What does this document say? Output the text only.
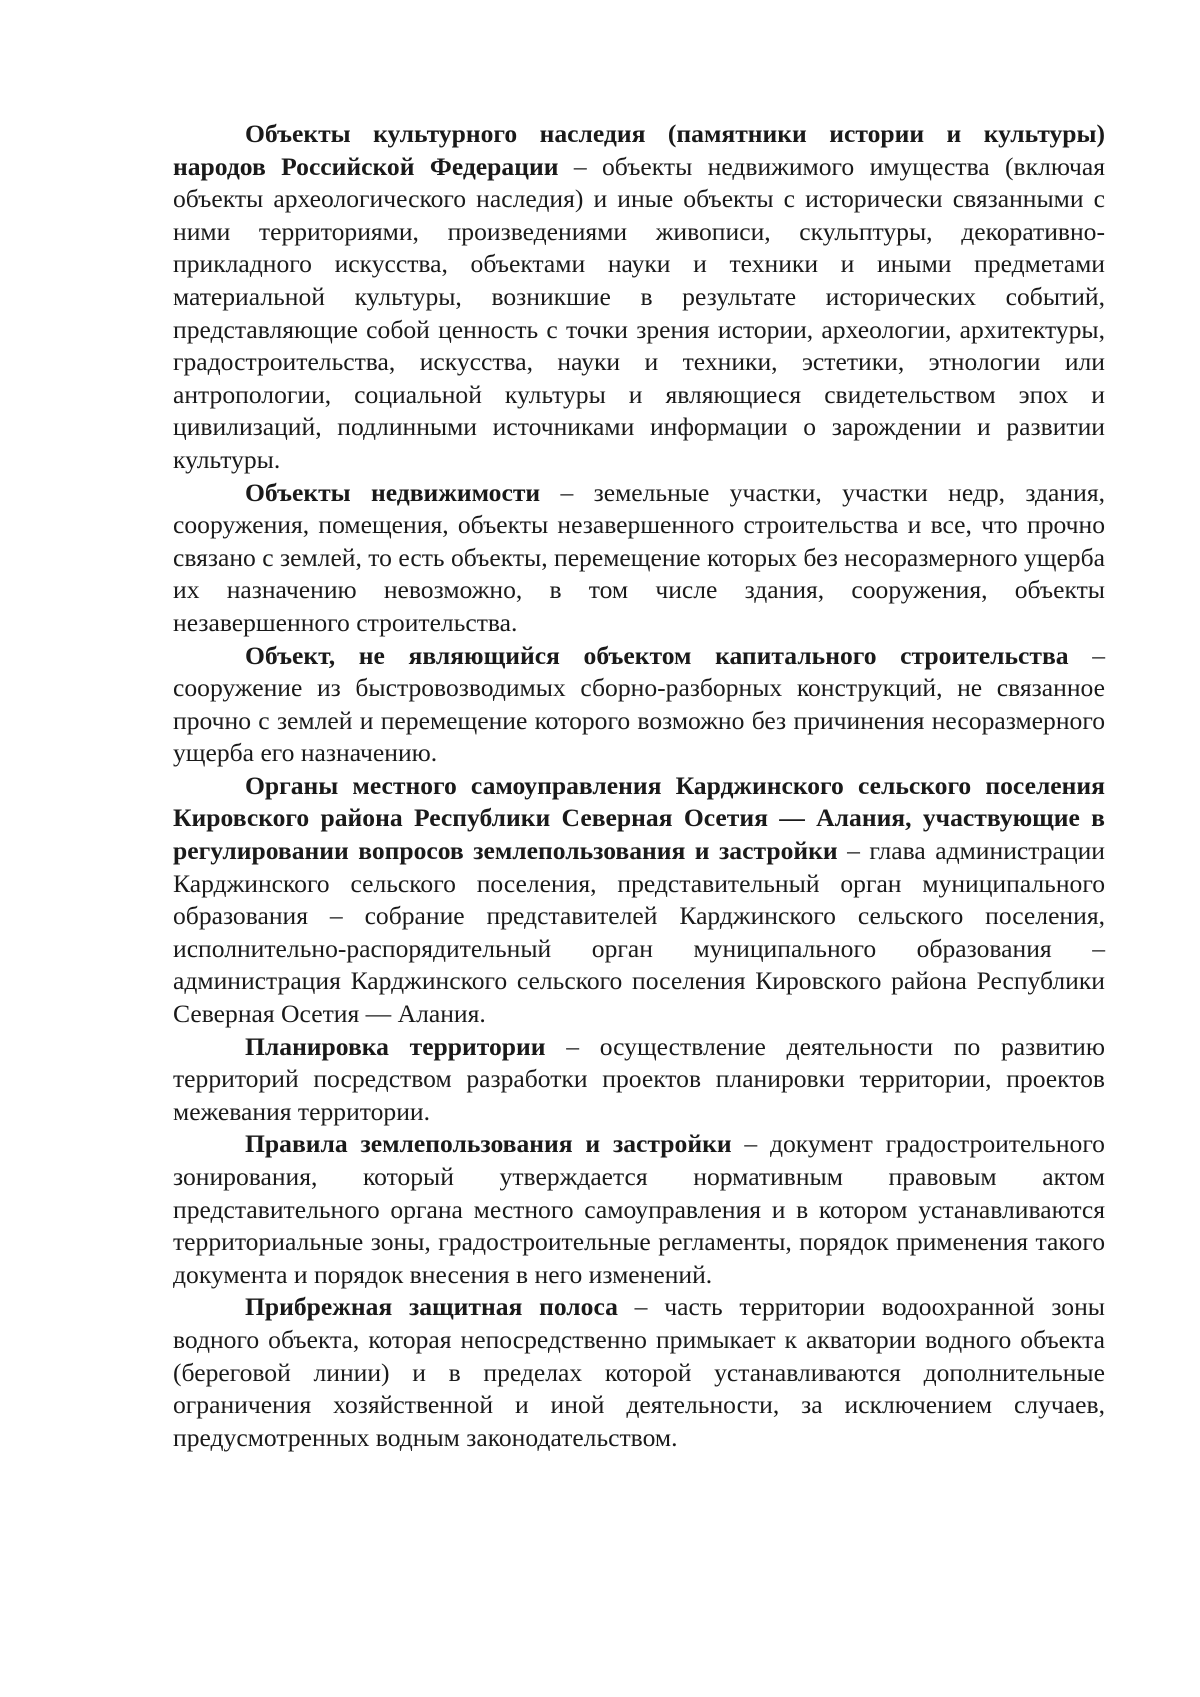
Объекты культурного наследия (памятники истории и культуры) народов Российской Федерации – объекты недвижимого имущества (включая объекты археологического наследия) и иные объекты с исторически связанными с ними территориями, произведениями живописи, скульптуры, декоративно-прикладного искусства, объектами науки и техники и иными предметами материальной культуры, возникшие в результате исторических событий, представляющие собой ценность с точки зрения истории, археологии, архитектуры, градостроительства, искусства, науки и техники, эстетики, этнологии или антропологии, социальной культуры и являющиеся свидетельством эпох и цивилизаций, подлинными источниками информации о зарождении и развитии культуры.

Объекты недвижимости – земельные участки, участки недр, здания, сооружения, помещения, объекты незавершенного строительства и все, что прочно связано с землей, то есть объекты, перемещение которых без несоразмерного ущерба их назначению невозможно, в том числе здания, сооружения, объекты незавершенного строительства.

Объект, не являющийся объектом капитального строительства – сооружение из быстровозводимых сборно-разборных конструкций, не связанное прочно с землей и перемещение которого возможно без причинения несоразмерного ущерба его назначению.

Органы местного самоуправления Карджинского сельского поселения Кировского района Республики Северная Осетия — Алания, участвующие в регулировании вопросов землепользования и застройки – глава администрации Карджинского сельского поселения, представительный орган муниципального образования – собрание представителей Карджинского сельского поселения, исполнительно-распорядительный орган муниципального образования – администрация Карджинского сельского поселения Кировского района Республики Северная Осетия — Алания.

Планировка территории – осуществление деятельности по развитию территорий посредством разработки проектов планировки территории, проектов межевания территории.

Правила землепользования и застройки – документ градостроительного зонирования, который утверждается нормативным правовым актом представительного органа местного самоуправления и в котором устанавливаются территориальные зоны, градостроительные регламенты, порядок применения такого документа и порядок внесения в него изменений.

Прибрежная защитная полоса – часть территории водоохранной зоны водного объекта, которая непосредственно примыкает к акватории водного объекта (береговой линии) и в пределах которой устанавливаются дополнительные ограничения хозяйственной и иной деятельности, за исключением случаев, предусмотренных водным законодательством.
